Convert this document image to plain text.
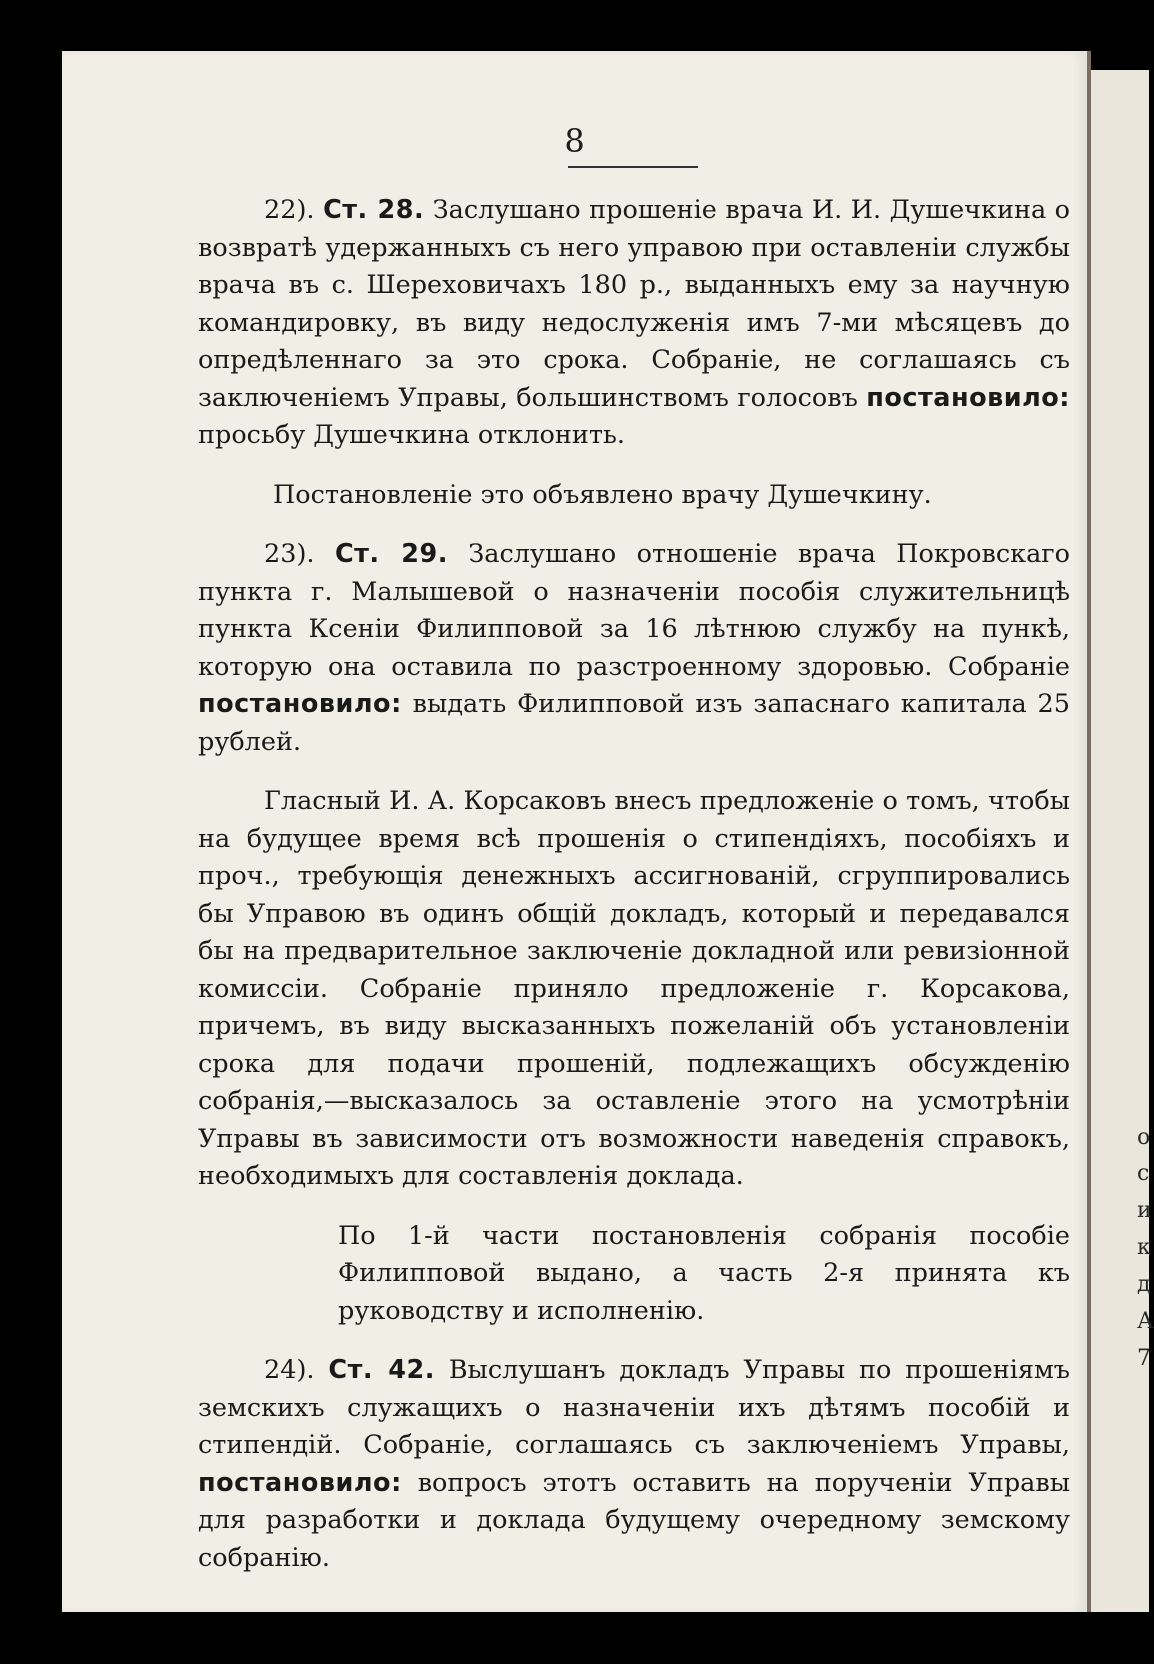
о
с
и
к
д
А
7
8

22). Ст. 28. Заслушано прошеніе врача И. И. Душечкина о возвратѣ удержанныхъ съ него управою при оставленіи службы врача въ с. Шереховичахъ 180 р., выданныхъ ему за научную командировку, въ виду недослуженія имъ 7-ми мѣсяцевъ до опредѣленнаго за это срока. Собраніе, не соглашаясь съ заключеніемъ Управы, большинствомъ голосовъ постановило: просьбу Душечкина отклонить.

Постановленіе это объявлено врачу Душечкину.

23). Ст. 29. Заслушано отношеніе врача Покровскаго пункта г. Малышевой о назначеніи пособія служительницѣ пункта Ксеніи Филипповой за 16 лѣтнюю службу на пункѣ, которую она оставила по разстроенному здоровью. Собраніе постановило: выдать Филипповой изъ запаснаго капитала 25 рублей.

Гласный И. А. Корсаковъ внесъ предложеніе о томъ, чтобы на будущее время всѣ прошенія о стипендіяхъ, пособіяхъ и проч., требующія денежныхъ ассигнованій, сгруппировались бы Управою въ одинъ общій докладъ, который и передавался бы на предварительное заключеніе докладной или ревизіонной комиссіи. Собраніе приняло предложеніе г. Корсакова, причемъ, въ виду высказанныхъ пожеланій объ установленіи срока для подачи прошеній, подлежащихъ обсужденію собранія,—высказалось за оставленіе этого на усмотрѣніи Управы въ зависимости отъ возможности наведенія справокъ, необходимыхъ для составленія доклада.

По 1-й части постановленія собранія пособіе Филипповой выдано, а часть 2-я принята къ руководству и исполненію.

24). Ст. 42. Выслушанъ докладъ Управы по прошеніямъ земскихъ служащихъ о назначеніи ихъ дѣтямъ пособій и стипендій. Собраніе, соглашаясь съ заключеніемъ Управы, постановило: вопросъ этотъ оставить на порученіи Управы для разработки и доклада будущему очередному земскому собранію.
